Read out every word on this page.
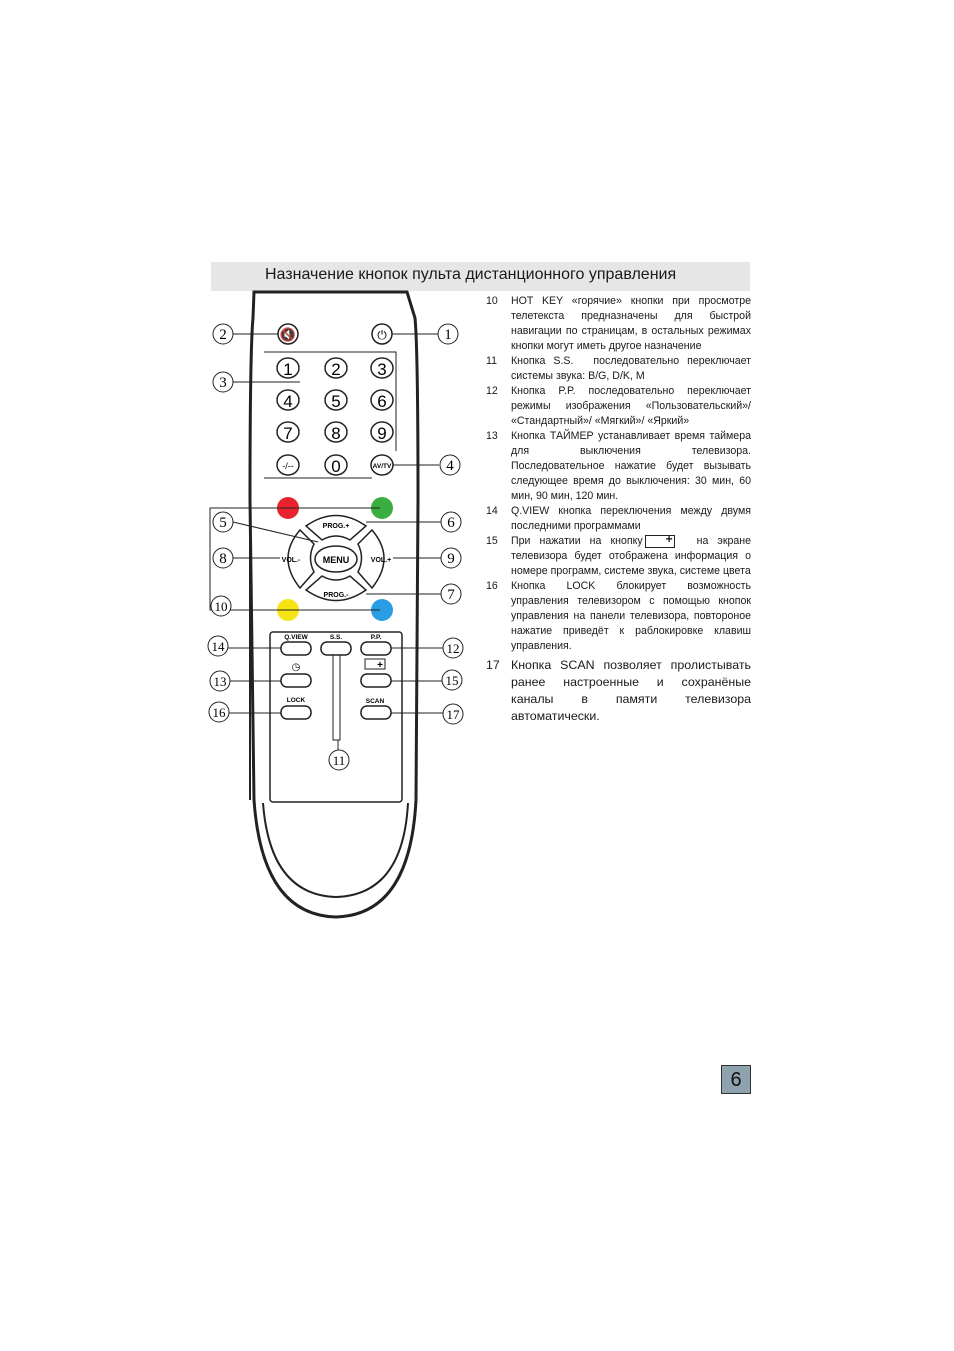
Назначение кнопок пульта дистанционного управления
🔇	⏻
1 2 3
4 5 6
7 8 9
-/-- 0	AV/TV
PROG.+
PROG.-
VOL.-	VOL.+
MENU
Q.VIEW	S.S.	P.P.
◷	+
LOCK	SCAN
2	1
3
4
5	6
8	9
7
10
14	12
13	15
16	17
11
10	HOT KEY «горячие» кнопки при просмотре телетекста предназначены для быстрой навигации по страницам, в остальных режимах кнопки могут иметь другое назначение
11	Кнопка S.S. последовательно переключает системы звука: B/G, D/K, M
12	Кнопка P.P. последовательно переключает режимы изображения «Пользовательский»/ «Стандартный»/ «Мягкий»/ «Яркий»
13	Кнопка ТАЙМЕР устанавливает время таймера для выключения телевизора. Последовательное нажатие будет вызывать следующее время до выключения: 30 мин, 60 мин, 90 мин, 120 мин.
14	Q.VIEW кнопка переключения между двумя последними программами
15	При нажатии на кнопку +	на экране телевизора будет отображена информация о номере программ, системе звука, системе цвета
16	Кнопка LOCK блокирует возможность управления телевизором с помощью кнопок управления на панели телевизора, повтороное нажатие приведёт к раблокировке клавиш управления.
17 Кнопка SCAN позволяет пролистывать ранее настроенные и сохранёные каналы в памяти телевизора автоматически.
6
